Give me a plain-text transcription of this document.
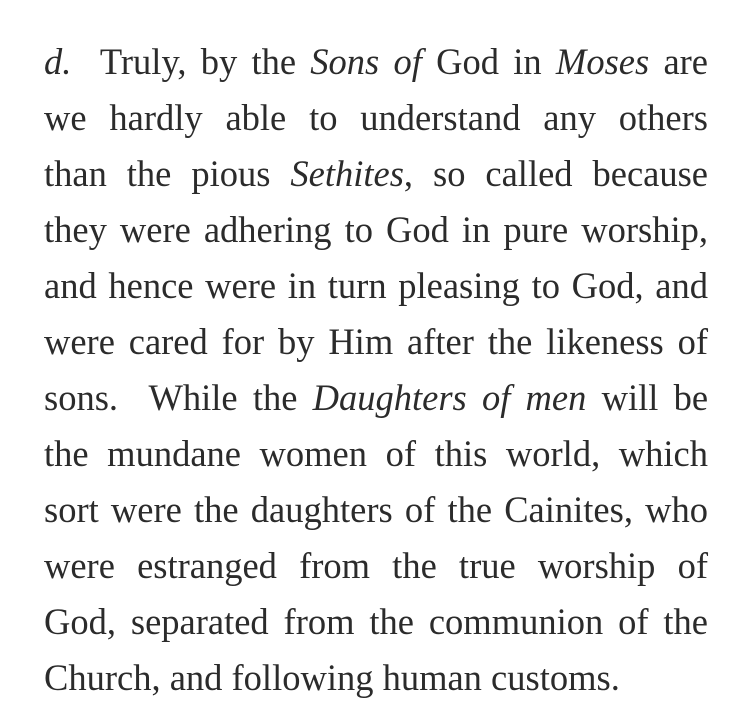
d.  Truly, by the Sons of God in Moses are
we hardly able to understand any others
than the pious Sethites, so called because
they were adhering to God in pure worship,
and hence were in turn pleasing to God, and
were cared for by Him after the likeness of
sons.  While the Daughters of men will be
the mundane women of this world, which
sort were the daughters of the Cainites, who
were estranged from the true worship of
God, separated from the communion of the
Church, and following human customs.
